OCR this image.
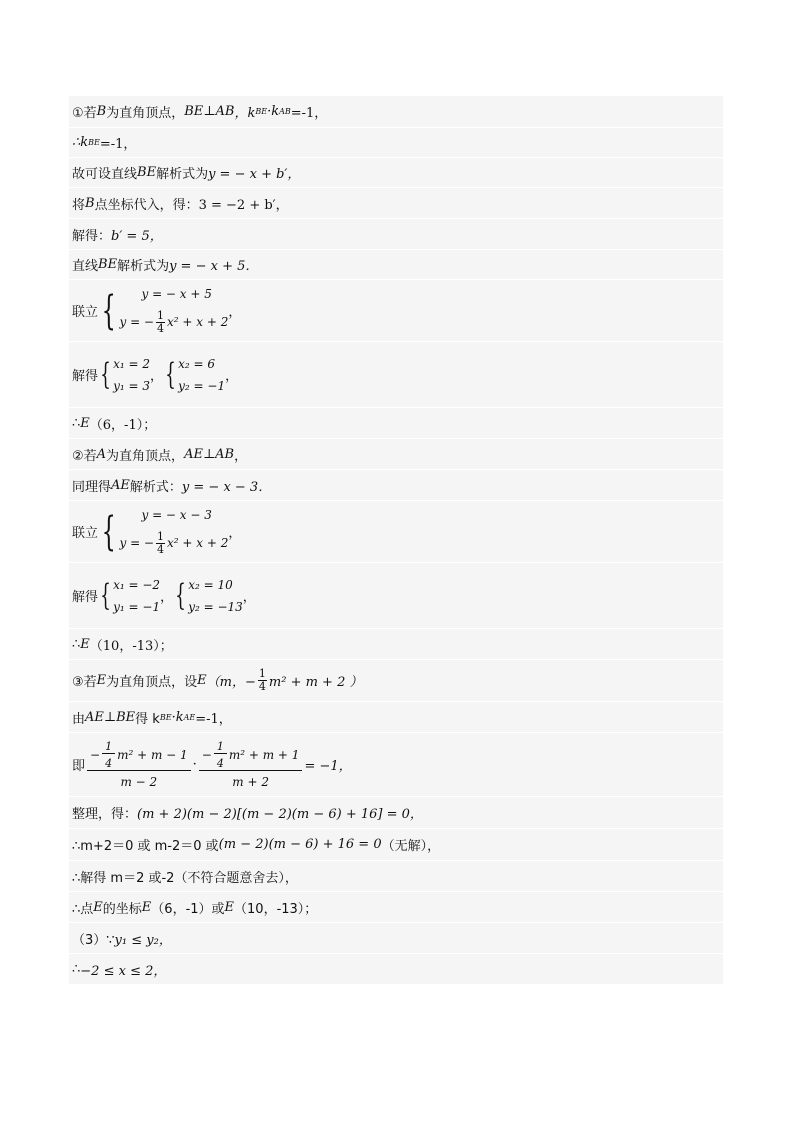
①若 B 为直角顶点， BE⊥AB ，k BE ·k AB =-1，
∴k BE =-1，
故可设直线 BE 解析式为 y = − x + b′，
将 B 点坐标代入，得： 3 = −2 + b′，
解得： b′ = 5，
直线 BE 解析式为 y = − x + 5．
联立 {	y = − x + 5
y = − $\frac{1}{4} x^2 + x + 2$
，
解得 { x₁ = 2
y₁ = 3
， { x₂ = 6
y₂ = −1
，
∴ E （6，-1）；
②若 A 为直角顶点， AE⊥AB ，
同理得 AE 解析式： y = − x − 3．
联立 {	y = − x − 3
y = − $\frac{1}{4} x^2 + x + 2$
，
解得 { x₁ = −2
y₁ = −1
， { x₂ = 10
y₂ = −13
，
∴ E （10，-13）；
③若 E 为直角顶点，设 E （m，− $\frac{1}{4} m^2 + m + 2$ ）
由 AE⊥BE 得 k BE ·k AE =-1，
即
− $\frac{1}{4} m^2 + m - 1$
m − 2
·
− $\frac{1}{4} m^2 + m + 1$
m + 2
= −1，
整理，得： (m + 2)(m − 2)[(m − 2)(m − 6) + 16] = 0，
∴m+2＝0 或 m-2＝0 或 (m − 2)(m − 6) + 16 = 0 （无解），
∴解得 m＝2 或-2（不符合题意舍去），
∴点 E 的坐标 E （6，-1）或 E （10，-13）；
（3）∵ y₁ ≤ y₂，
∴ −2 ≤ x ≤ 2，
